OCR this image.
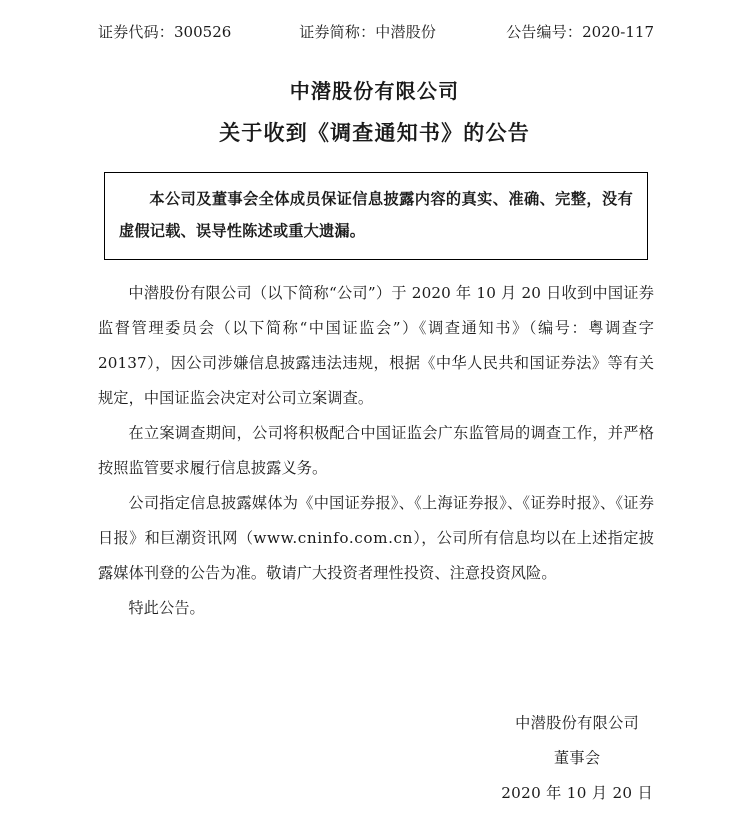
证券代码：300526	证券简称：中潜股份	公告编号：2020-117
中潜股份有限公司
关于收到《调查通知书》的公告
本公司及董事会全体成员保证信息披露内容的真实、准确、完整，没有虚假记载、误导性陈述或重大遗漏。

中潜股份有限公司（以下简称“公司”）于 2020 年 10 月 20 日收到中国证券监督管理委员会（以下简称“中国证监会”）《调查通知书》（编号：粤调查字 20137），因公司涉嫌信息披露违法违规，根据《中华人民共和国证券法》等有关规定，中国证监会决定对公司立案调查。

在立案调查期间，公司将积极配合中国证监会广东监管局的调查工作，并严格按照监管要求履行信息披露义务。

公司指定信息披露媒体为《中国证券报》、《上海证券报》、《证券时报》、《证券日报》和巨潮资讯网（www.cninfo.com.cn），公司所有信息均以在上述指定披露媒体刊登的公告为准。敬请广大投资者理性投资、注意投资风险。

特此公告。

中潜股份有限公司
董事会
2020 年 10 月 20 日
